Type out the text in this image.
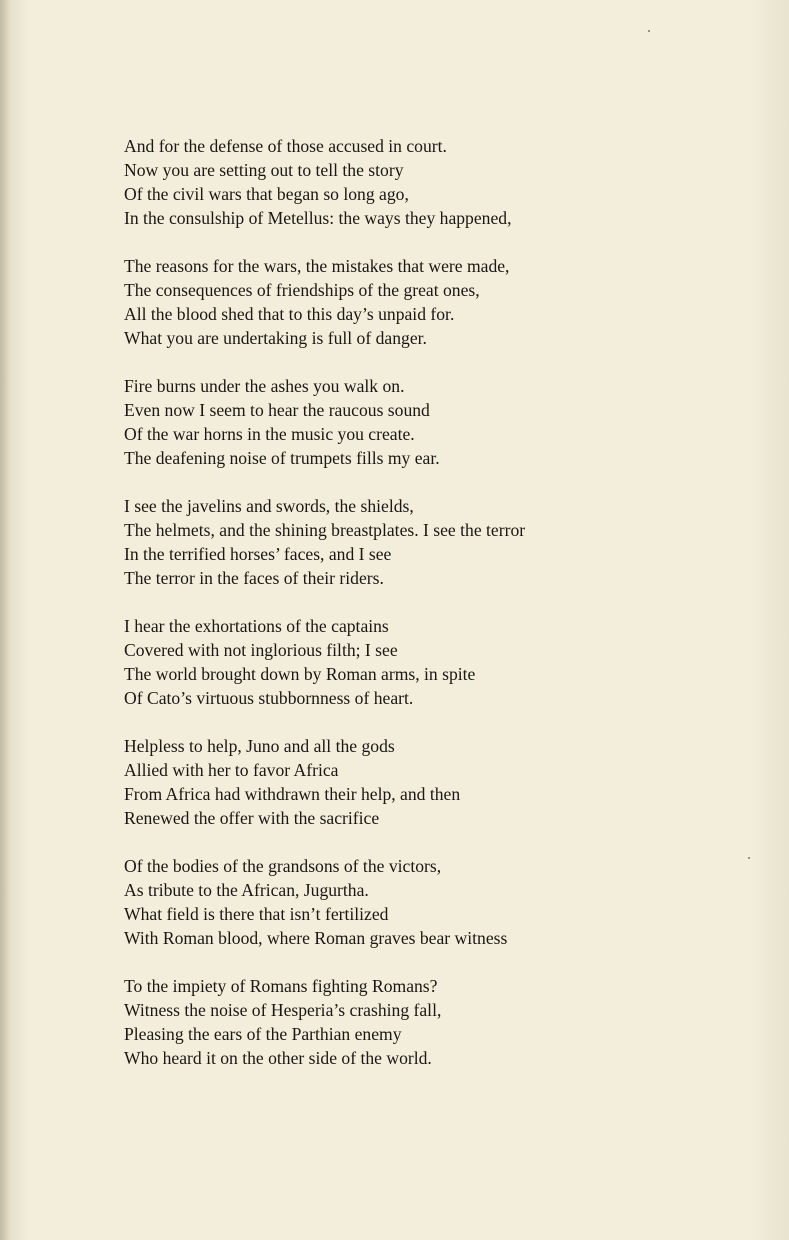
And for the defense of those accused in court.
Now you are setting out to tell the story
Of the civil wars that began so long ago,
In the consulship of Metellus: the ways they happened,
The reasons for the wars, the mistakes that were made,
The consequences of friendships of the great ones,
All the blood shed that to this day’s unpaid for.
What you are undertaking is full of danger.
Fire burns under the ashes you walk on.
Even now I seem to hear the raucous sound
Of the war horns in the music you create.
The deafening noise of trumpets fills my ear.
I see the javelins and swords, the shields,
The helmets, and the shining breastplates. I see the terror
In the terrified horses’ faces, and I see
The terror in the faces of their riders.
I hear the exhortations of the captains
Covered with not inglorious filth; I see
The world brought down by Roman arms, in spite
Of Cato’s virtuous stubbornness of heart.
Helpless to help, Juno and all the gods
Allied with her to favor Africa
From Africa had withdrawn their help, and then
Renewed the offer with the sacrifice
Of the bodies of the grandsons of the victors,
As tribute to the African, Jugurtha.
What field is there that isn’t fertilized
With Roman blood, where Roman graves bear witness
To the impiety of Romans fighting Romans?
Witness the noise of Hesperia’s crashing fall,
Pleasing the ears of the Parthian enemy
Who heard it on the other side of the world.
